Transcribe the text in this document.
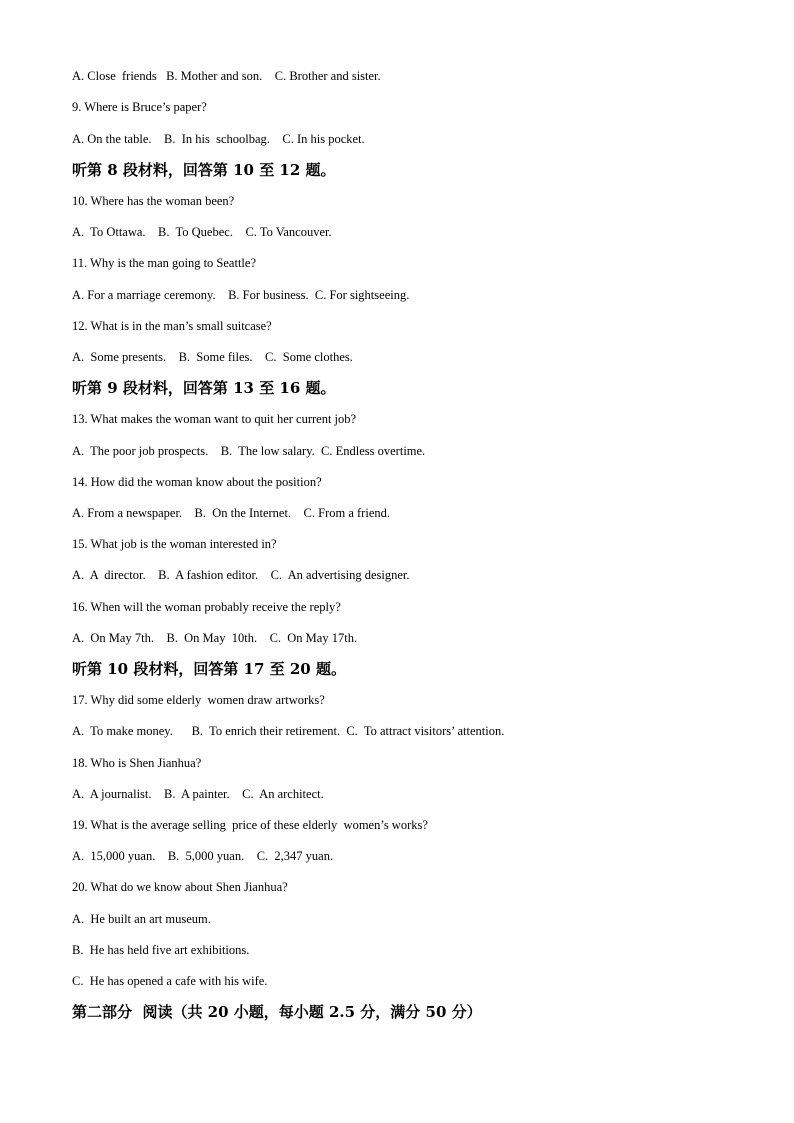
A. Close  friends   B. Mother and son.    C. Brother and sister.
9. Where is Bruce’s paper?
A. On the table.    B.  In his  schoolbag.    C. In his pocket.
听第 8 段材料，回答第 10 至 12 题。
10. Where has the woman been?
A.  To Ottawa.    B.  To Quebec.    C. To Vancouver.
11. Why is the man going to Seattle?
A. For a marriage ceremony.    B. For business.  C. For sightseeing.
12. What is in the man’s small suitcase?
A.  Some presents.    B.  Some files.    C.  Some clothes.
听第 9 段材料，回答第 13 至 16 题。
13. What makes the woman want to quit her current job?
A.  The poor job prospects.    B.  The low salary.  C. Endless overtime.
14. How did the woman know about the position?
A. From a newspaper.    B.  On the Internet.    C. From a friend.
15. What job is the woman interested in?
A.  A  director.    B.  A fashion editor.    C.  An advertising designer.
16. When will the woman probably receive the reply?
A.  On May 7th.    B.  On May  10th.    C.  On May 17th.
听第 10 段材料，回答第 17 至 20 题。
17. Why did some elderly  women draw artworks?
A.  To make money.      B.  To enrich their retirement.  C.  To attract visitors’ attention.
18. Who is Shen Jianhua?
A.  A journalist.    B.  A painter.    C.  An architect.
19. What is the average selling  price of these elderly  women’s works?
A.  15,000 yuan.    B.  5,000 yuan.    C.  2,347 yuan.
20. What do we know about Shen Jianhua?
A.  He built an art museum.
B.  He has held five art exhibitions.
C.  He has opened a cafe with his wife.
第二部分  阅读（共 20 小题，每小题 2.5 分，满分 50 分）
